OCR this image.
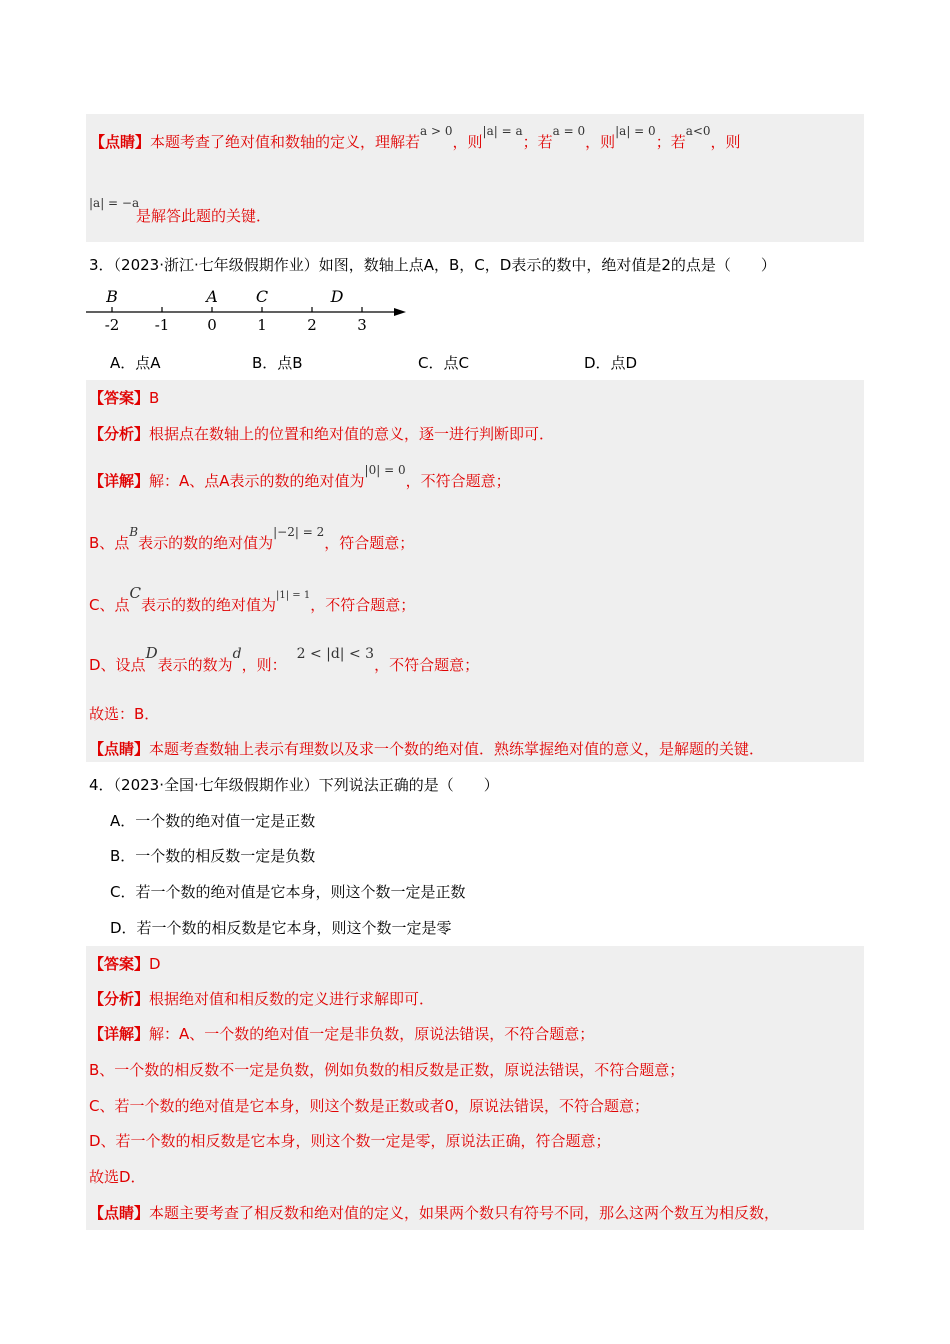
【点睛】本题考查了绝对值和数轴的定义，理解若a > 0，则|a| = a；若a = 0，则|a| = 0；若a<0，则
|a| = −a
是解答此题的关键．
3．（2023·浙江·七年级假期作业）如图，数轴上点A，B，C，D表示的数中，绝对值是2的点是（　　）
-2 -1	0	1	2	3
B	A C	D
A．点A	B．点B	C．点C	D．点D
【答案】B
【分析】根据点在数轴上的位置和绝对值的意义，逐一进行判断即可．
【详解】解：A、点A表示的数的绝对值为|0| = 0，不符合题意；
B、点B表示的数的绝对值为|−2| = 2，符合题意；
C、点C表示的数的绝对值为|1| = 1，不符合题意；
D、设点D表示的数为d，则：2 < |d| < 3，不符合题意；
故选：B．
【点睛】本题考查数轴上表示有理数以及求一个数的绝对值．熟练掌握绝对值的意义，是解题的关键．
4．（2023·全国·七年级假期作业）下列说法正确的是（　　）
A．一个数的绝对值一定是正数
B．一个数的相反数一定是负数
C．若一个数的绝对值是它本身，则这个数一定是正数
D．若一个数的相反数是它本身，则这个数一定是零
【答案】D
【分析】根据绝对值和相反数的定义进行求解即可．
【详解】解：A、一个数的绝对值一定是非负数，原说法错误，不符合题意；
B、一个数的相反数不一定是负数，例如负数的相反数是正数，原说法错误，不符合题意；
C、若一个数的绝对值是它本身，则这个数是正数或者0，原说法错误，不符合题意；
D、若一个数的相反数是它本身，则这个数一定是零，原说法正确，符合题意；
故选D．
【点睛】本题主要考查了相反数和绝对值的定义，如果两个数只有符号不同，那么这两个数互为相反数，
